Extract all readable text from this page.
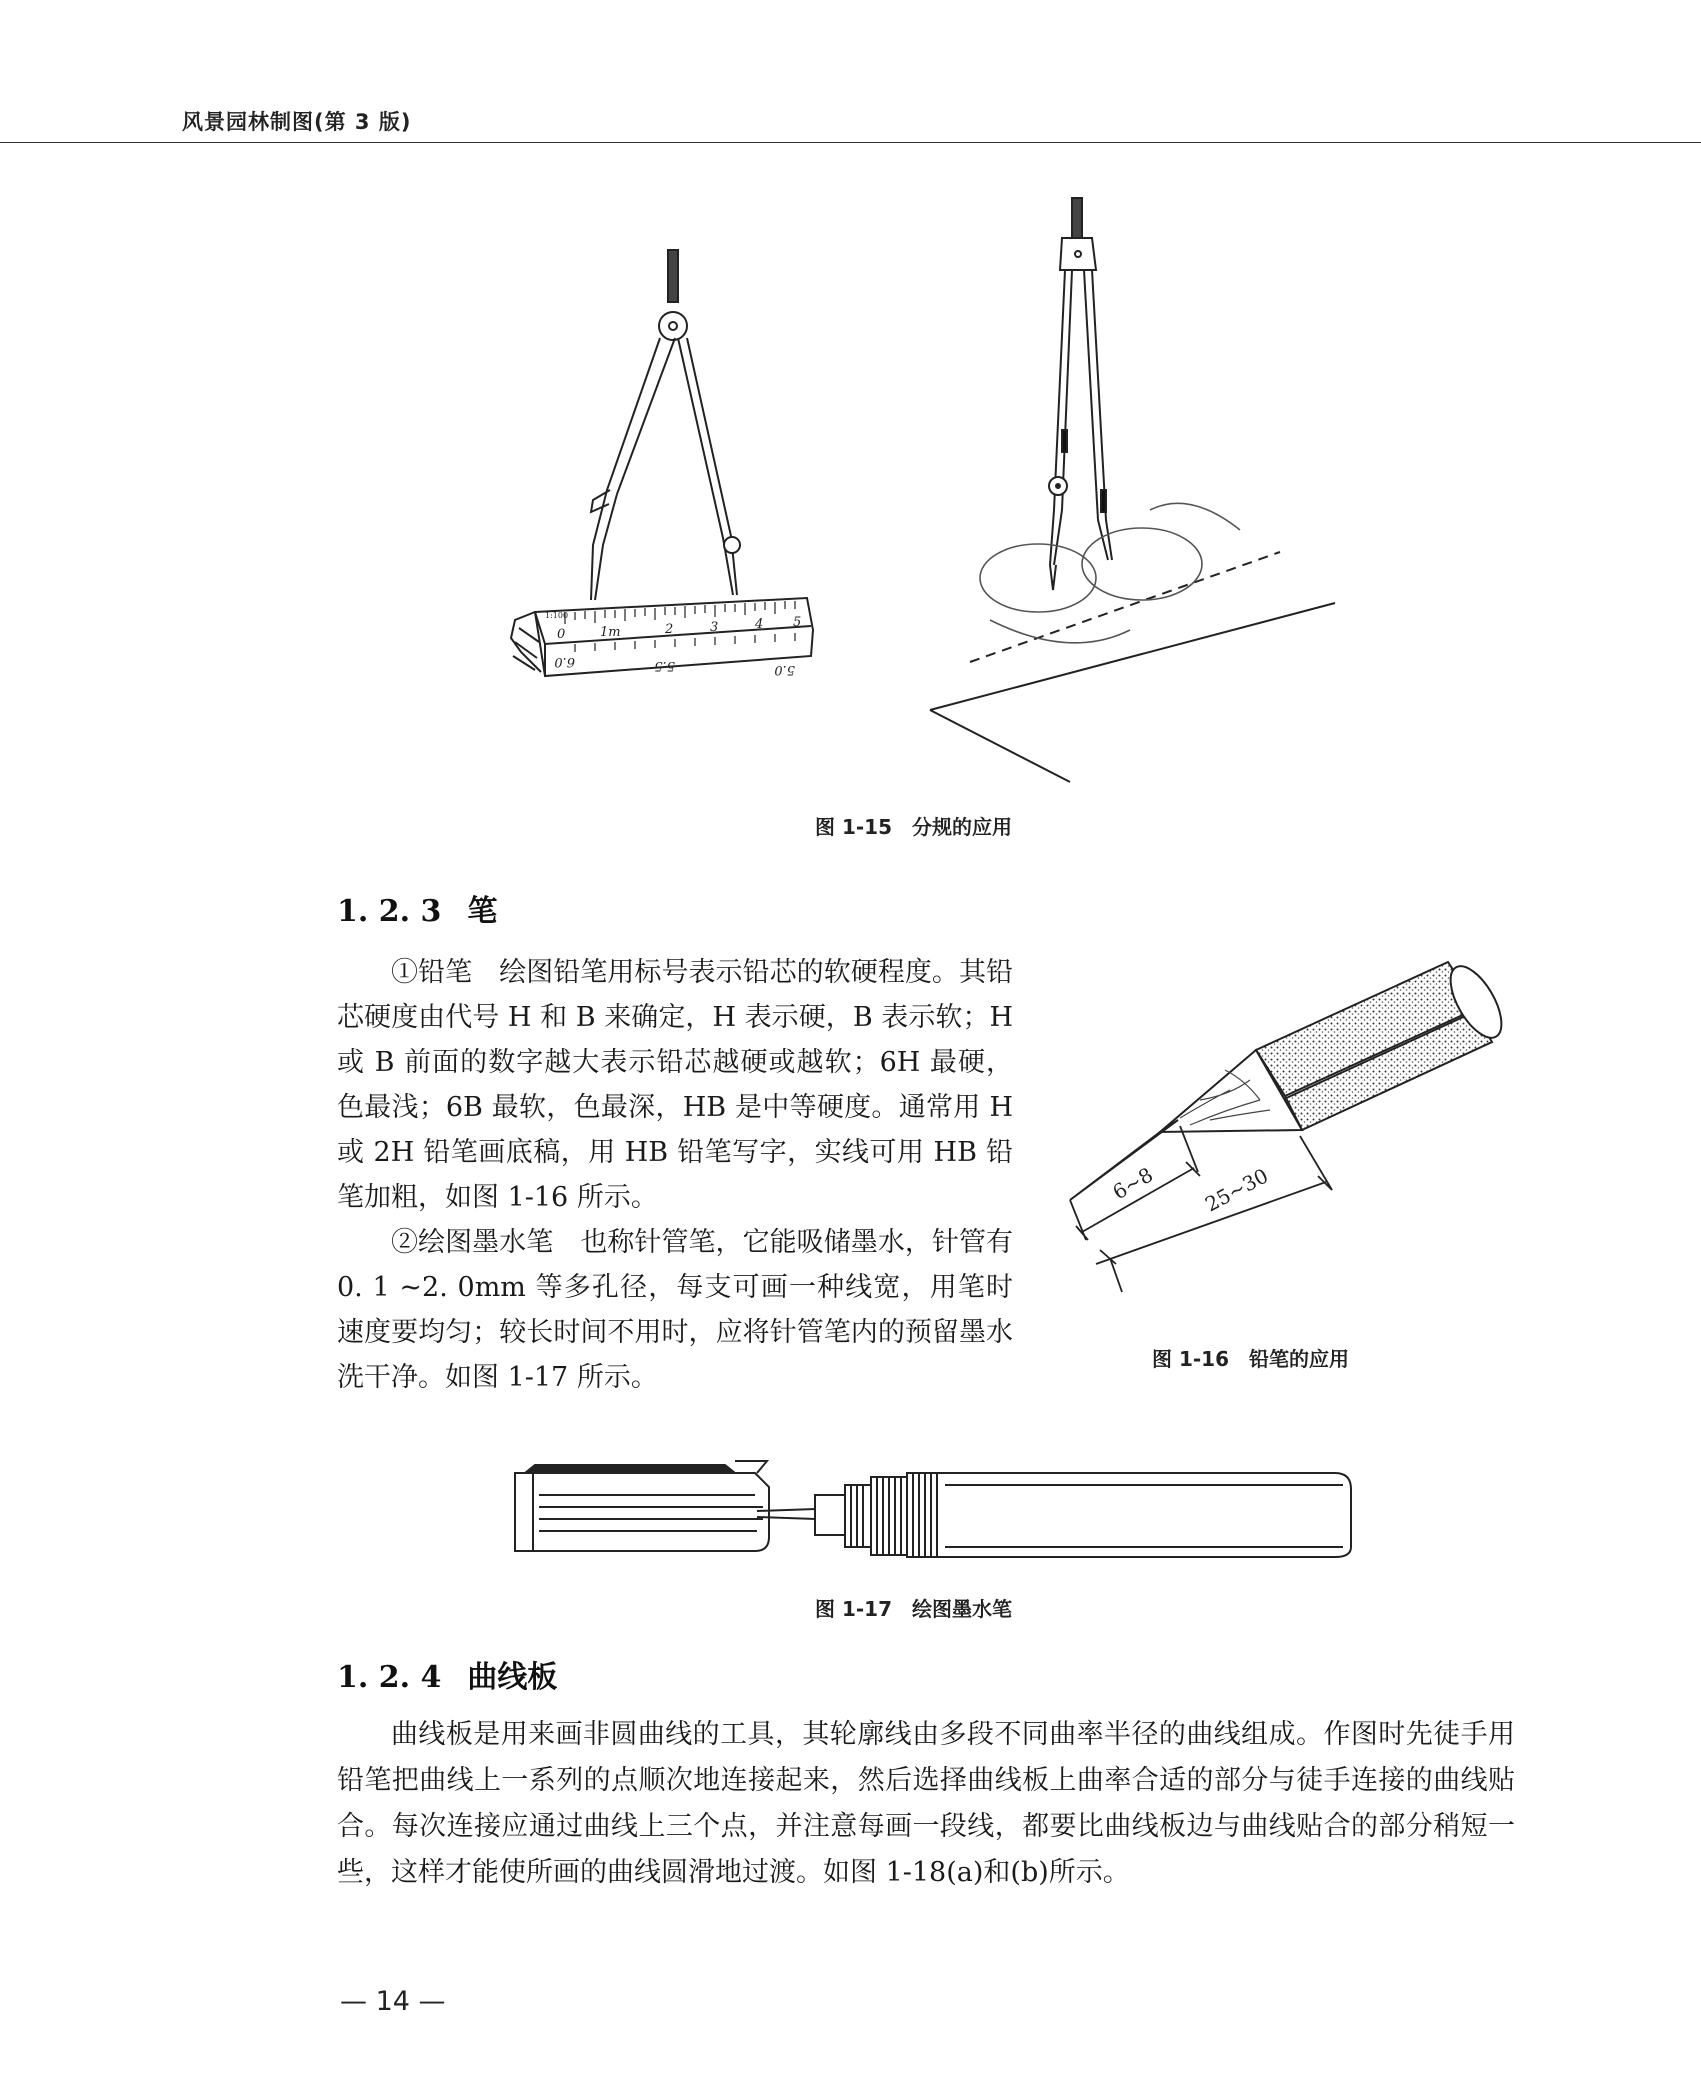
风景园林制图(第 3 版)
1:100
0	1m	2	3	4 5
6.0	5.5	5.0
图 1-15　分规的应用
1. 2. 3 笔

①铅笔　绘图铅笔用标号表示铅芯的软硬程度。其铅芯硬度由代号 H 和 B 来确定，H 表示硬，B 表示软；H 或 B 前面的数字越大表示铅芯越硬或越软；6H 最硬，色最浅；6B 最软，色最深，HB 是中等硬度。通常用 H 或 2H 铅笔画底稿，用 HB 铅笔写字，实线可用 HB 铅笔加粗，如图 1-16 所示。

②绘图墨水笔　也称针管笔，它能吸储墨水，针管有 0. 1 ~2. 0mm 等多孔径，每支可画一种线宽，用笔时速度要均匀；较长时间不用时，应将针管笔内的预留墨水洗干净。如图 1-17 所示。

6~8 25~30
图 1-16　铅笔的应用
图 1-17　绘图墨水笔
1. 2. 4 曲线板

曲线板是用来画非圆曲线的工具，其轮廓线由多段不同曲率半径的曲线组成。作图时先徒手用铅笔把曲线上一系列的点顺次地连接起来，然后选择曲线板上曲率合适的部分与徒手连接的曲线贴合。每次连接应通过曲线上三个点，并注意每画一段线，都要比曲线板边与曲线贴合的部分稍短一些，这样才能使所画的曲线圆滑地过渡。如图 1-18(a)和(b)所示。

— 14 —
